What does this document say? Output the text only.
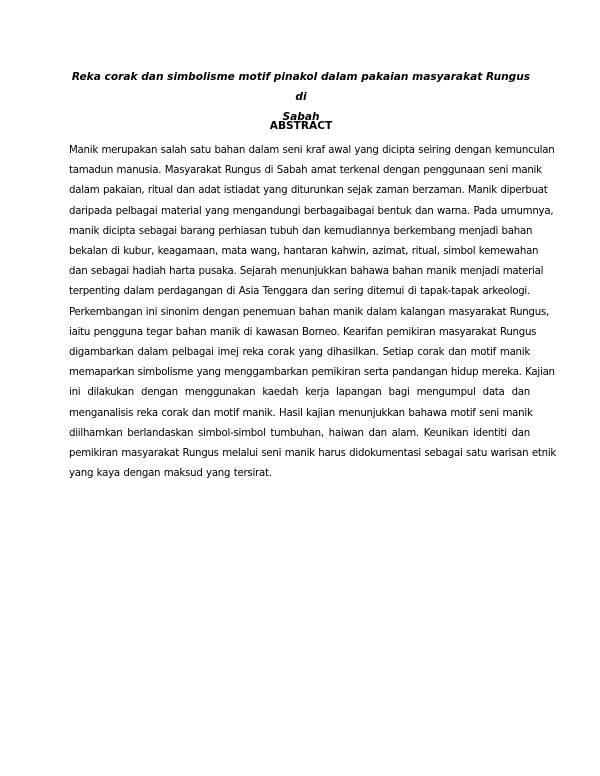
Reka corak dan simbolisme motif pinakol dalam pakaian masyarakat Rungus di
Sabah
ABSTRACT
Manik merupakan salah satu bahan dalam seni kraf awal yang dicipta seiring dengan kemunculan
tamadun manusia. Masyarakat Rungus di Sabah amat terkenal dengan penggunaan seni manik
dalam pakaian, ritual dan adat istiadat yang diturunkan sejak zaman berzaman. Manik diperbuat
daripada pelbagai material yang mengandungi berbagaibagai bentuk dan warna. Pada umumnya,
manik dicipta sebagai barang perhiasan tubuh dan kemudiannya berkembang menjadi bahan
bekalan di kubur, keagamaan, mata wang, hantaran kahwin, azimat, ritual, simbol kemewahan
dan sebagai hadiah harta pusaka. Sejarah menunjukkan bahawa bahan manik menjadi material
terpenting dalam perdagangan di Asia Tenggara dan sering ditemui di tapak-tapak arkeologi.
Perkembangan ini sinonim dengan penemuan bahan manik dalam kalangan masyarakat Rungus,
iaitu pengguna tegar bahan manik di kawasan Borneo. Kearifan pemikiran masyarakat Rungus
digambarkan dalam pelbagai imej reka corak yang dihasilkan. Setiap corak dan motif manik
memaparkan simbolisme yang menggambarkan pemikiran serta pandangan hidup mereka. Kajian
ini dilakukan dengan menggunakan kaedah kerja lapangan bagi mengumpul data dan
menganalisis reka corak dan motif manik. Hasil kajian menunjukkan bahawa motif seni manik
diilhamkan berlandaskan simbol-simbol tumbuhan, haiwan dan alam. Keunikan identiti dan
pemikiran masyarakat Rungus melalui seni manik harus didokumentasi sebagai satu warisan etnik
yang kaya dengan maksud yang tersirat.
